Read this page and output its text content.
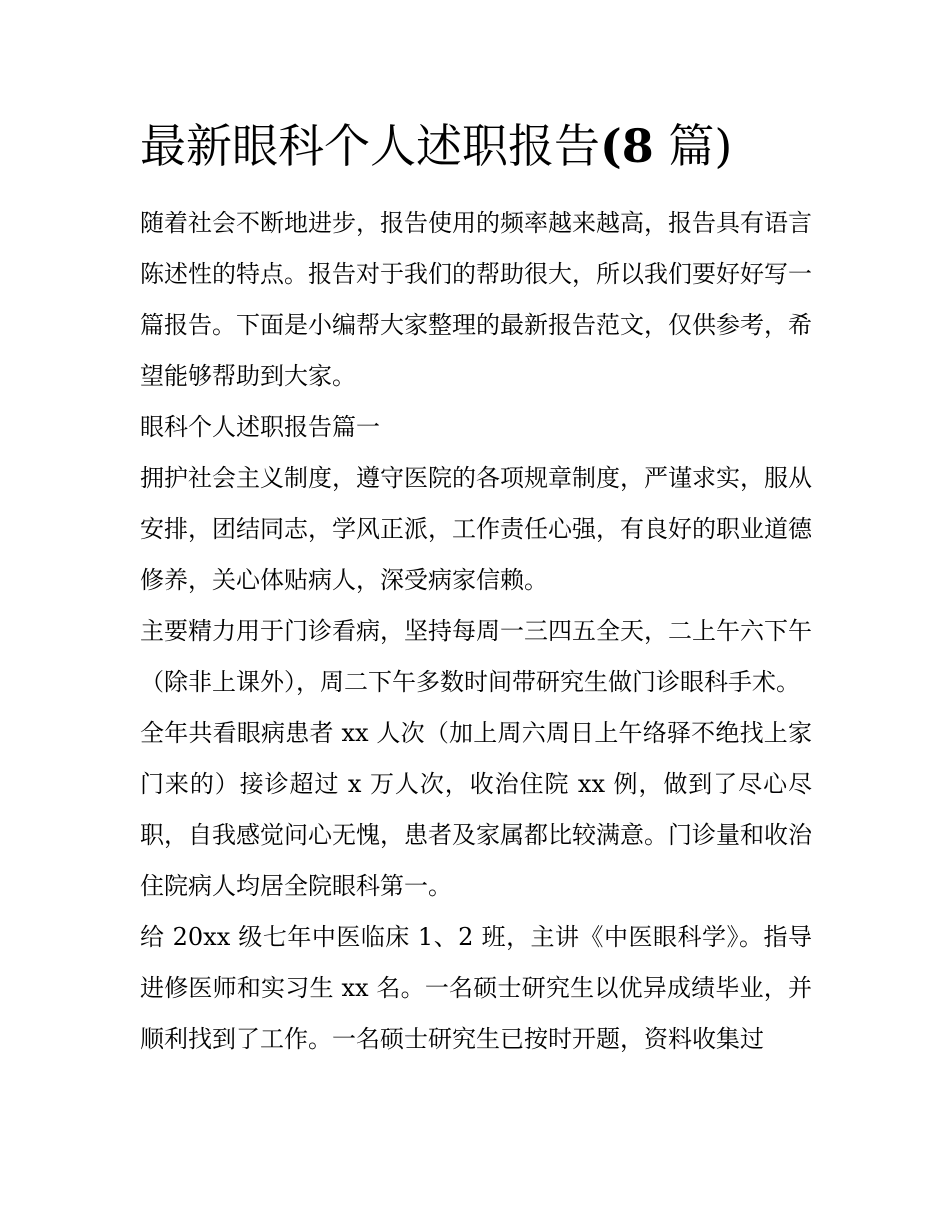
最新眼科个人述职报告(8 篇)

随着社会不断地进步，报告使用的频率越来越高，报告具有语言陈述性的特点。报告对于我们的帮助很大，所以我们要好好写一篇报告。下面是小编帮大家整理的最新报告范文，仅供参考，希望能够帮助到大家。

眼科个人述职报告篇一

拥护社会主义制度，遵守医院的各项规章制度，严谨求实，服从安排，团结同志，学风正派，工作责任心强，有良好的职业道德修养，关心体贴病人，深受病家信赖。

主要精力用于门诊看病，坚持每周一三四五全天，二上午六下午（除非上课外），周二下午多数时间带研究生做门诊眼科手术。

全年共看眼病患者 xx 人次（加上周六周日上午络驿不绝找上家门来的）接诊超过 x 万人次，收治住院 xx 例，做到了尽心尽职，自我感觉问心无愧，患者及家属都比较满意。门诊量和收治住院病人均居全院眼科第一。

给 20xx 级七年中医临床 1、2 班，主讲《中医眼科学》。指导进修医师和实习生 xx 名。一名硕士研究生以优异成绩毕业，并顺利找到了工作。一名硕士研究生已按时开题，资料收集过
